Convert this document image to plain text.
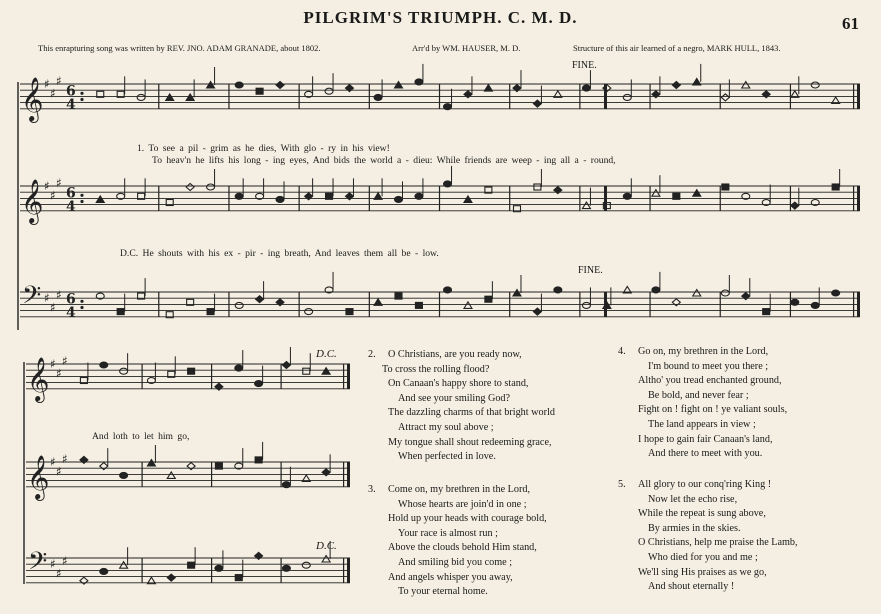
𝄞 ♯
♯
♯
6
4
𝄞 ♯
♯
♯
6
4
𝄢 ♯
♯
♯ 6
4
𝄞 ♯
♯
♯
𝄞 ♯
♯
♯
𝄢 ♯
♯
♯
PILGRIM'S TRIUMPH. C. M. D.	61
This enrapturing song was written by REV. JNO. ADAM GRANADE, about 1802.	Arr'd by WM. HAUSER, M. D.	Structure of this air learned of a negro, MARK HULL, 1843.
FINE.
FINE.
D.C.
D.C.
1. To see a pil - grim as he dies, With glo - ry in his view!
To heav'n he lifts his long - ing eyes, And bids the world a - dieu: While friends are weep - ing all a - round,
D.C. He shouts with his ex - pir - ing breath, And leaves them all be - low.
And loth to let him go,
2. O Christians, are you ready now,
To cross the rolling flood?
On Canaan's happy shore to stand,
And see your smiling God?
The dazzling charms of that bright world
Attract my soul above ;
My tongue shall shout redeeming grace,
When perfected in love.
3. Come on, my brethren in the Lord,
Whose hearts are join'd in one ;
Hold up your heads with courage bold,
Your race is almost run ;
Above the clouds behold Him stand,
And smiling bid you come ;
And angels whisper you away,
To your eternal home.
4. Go on, my brethren in the Lord,
I'm bound to meet you there ;
Altho' you tread enchanted ground,
Be bold, and never fear ;
Fight on ! fight on ! ye valiant souls,
The land appears in view ;
I hope to gain fair Canaan's land,
And there to meet with you.
5. All glory to our conq'ring King !
Now let the echo rise,
While the repeat is sung above,
By armies in the skies.
O Christians, help me praise the Lamb,
Who died for you and me ;
We'll sing His praises as we go,
And shout eternally !
